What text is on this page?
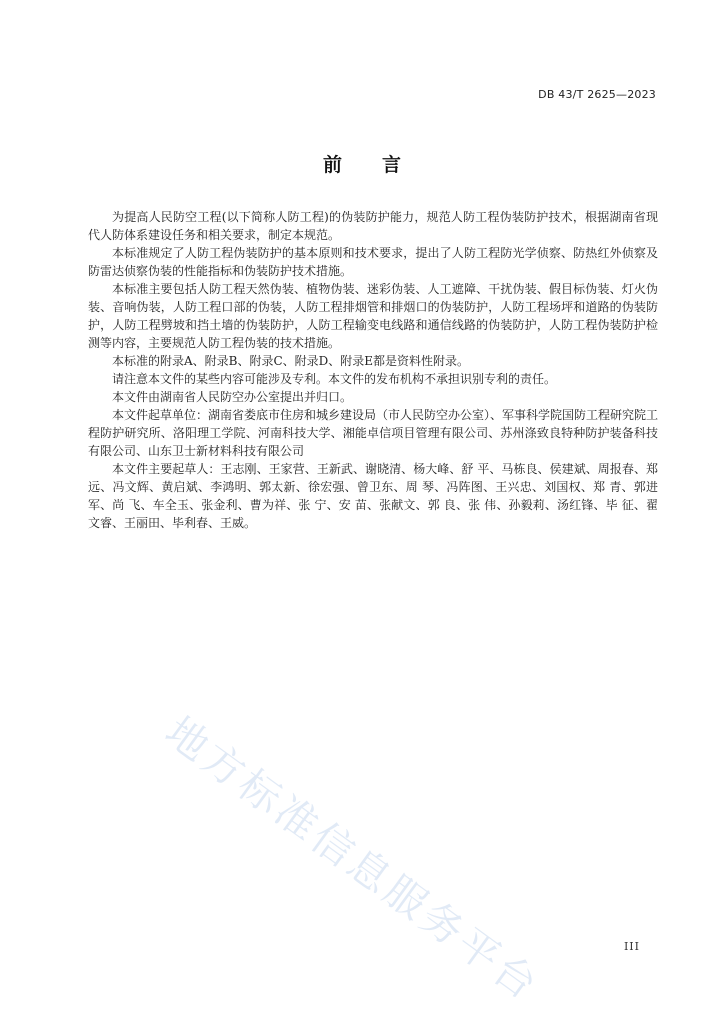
DB 43/T 2625—2023
前言

为提高人民防空工程(以下简称人防工程)的伪装防护能力，规范人防工程伪装防护技术，根据湖南省现代人防体系建设任务和相关要求，制定本规范。

本标准规定了人防工程伪装防护的基本原则和技术要求，提出了人防工程防光学侦察、防热红外侦察及防雷达侦察伪装的性能指标和伪装防护技术措施。

本标准主要包括人防工程天然伪装、植物伪装、迷彩伪装、人工遮障、干扰伪装、假目标伪装、灯火伪装、音响伪装，人防工程口部的伪装，人防工程排烟管和排烟口的伪装防护，人防工程场坪和道路的伪装防护，人防工程劈坡和挡土墙的伪装防护，人防工程输变电线路和通信线路的伪装防护，人防工程伪装防护检测等内容，主要规范人防工程伪装的技术措施。

本标准的附录A、附录B、附录C、附录D、附录E都是资料性附录。

请注意本文件的某些内容可能涉及专利。本文件的发布机构不承担识别专利的责任。

本文件由湖南省人民防空办公室提出并归口。

本文件起草单位：湖南省娄底市住房和城乡建设局（市人民防空办公室）、军事科学院国防工程研究院工程防护研究所、洛阳理工学院、河南科技大学、湘能卓信项目管理有限公司、苏州涤致良特种防护装备科技有限公司、山东卫士新材料科技有限公司

本文件主要起草人：王志刚、王家营、王新武、谢晓清、杨大峰、舒 平、马栋良、侯建斌、周报春、郑 远、冯文辉、黄启斌、李鸿明、郭太新、徐宏强、曾卫东、周 琴、冯阵图、王兴忠、刘国权、郑 青、郭进军、尚 飞、车全玉、张金利、曹为祥、张 宁、安 苗、张献文、郭 良、张 伟、孙毅莉、汤红锋、毕 征、翟文睿、王丽田、毕利春、王威。

地方标准信息服务平台	III
